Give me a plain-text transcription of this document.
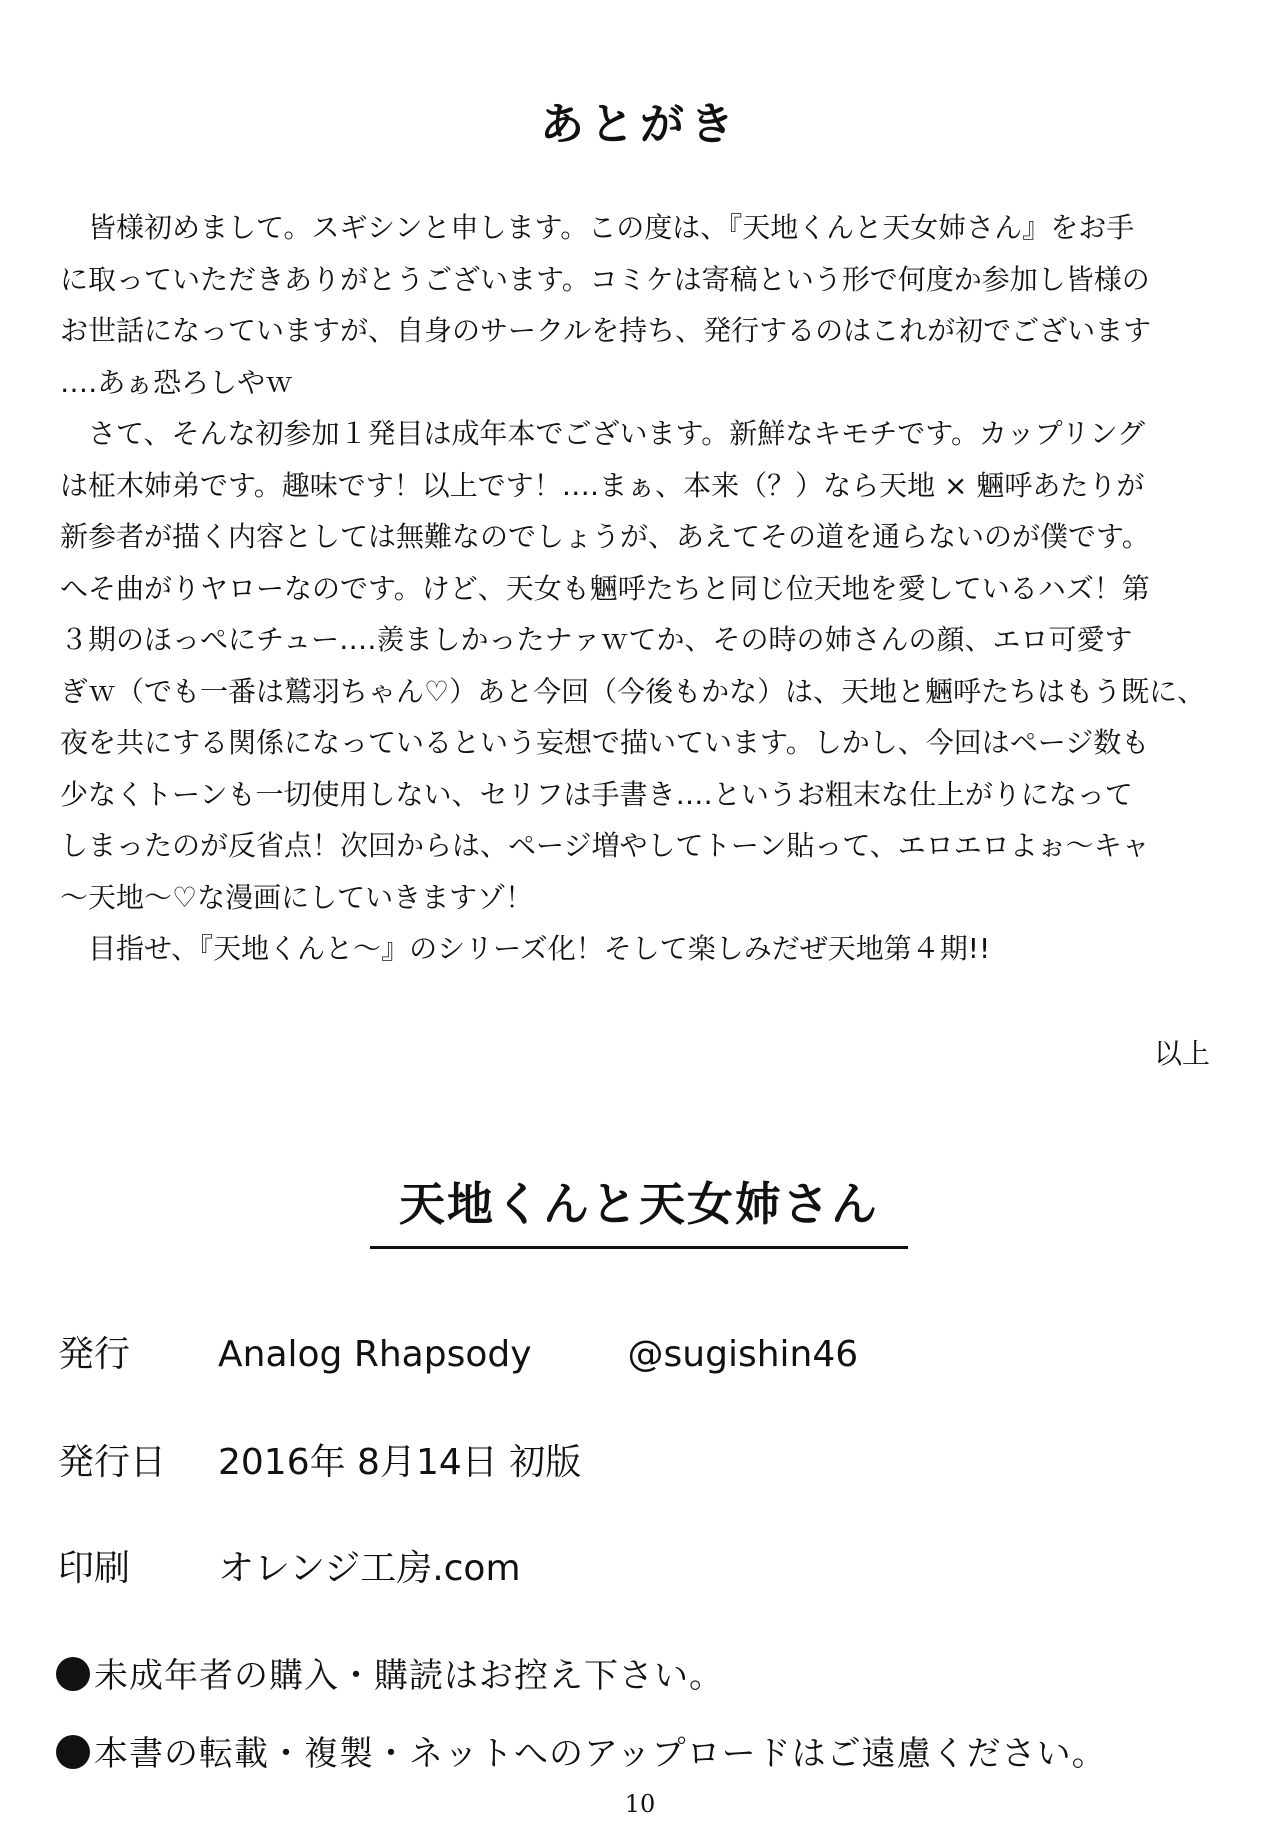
あとがき
皆様初めまして。スギシンと申します。この度は、『天地くんと天女姉さん』をお手
に取っていただきありがとうございます。コミケは寄稿という形で何度か参加し皆様の
お世話になっていますが、自身のサークルを持ち、発行するのはこれが初でございます
‥‥あぁ恐ろしやｗ
さて、そんな初参加１発目は成年本でございます。新鮮なキモチです。カップリング
は柾木姉弟です。趣味です！以上です！‥‥まぁ、本来（？）なら天地 × 魎呼あたりが
新参者が描く内容としては無難なのでしょうが、あえてその道を通らないのが僕です。
へそ曲がりヤローなのです。けど、天女も魎呼たちと同じ位天地を愛しているハズ！第
３期のほっぺにチュー‥‥羨ましかったナァｗてか、その時の姉さんの顔、エロ可愛す
ぎｗ（でも一番は鷲羽ちゃん♡）あと今回（今後もかな）は、天地と魎呼たちはもう既に、
夜を共にする関係になっているという妄想で描いています。しかし、今回はページ数も
少なくトーンも一切使用しない、セリフは手書き‥‥というお粗末な仕上がりになって
しまったのが反省点！次回からは、ページ増やしてトーン貼って、エロエロよぉ～キャ
～天地～♡な漫画にしていきますゾ！
目指せ、『天地くんと～』のシリーズ化！そして楽しみだぜ天地第４期!!
以上
天地くんと天女姉さん
発行 Analog Rhapsody	@sugishin46
発行日 2016年 8月14日 初版
印刷 オレンジ工房.com
未成年者の購入・購読はお控え下さい。
本書の転載・複製・ネットへのアップロードはご遠慮ください。
10
